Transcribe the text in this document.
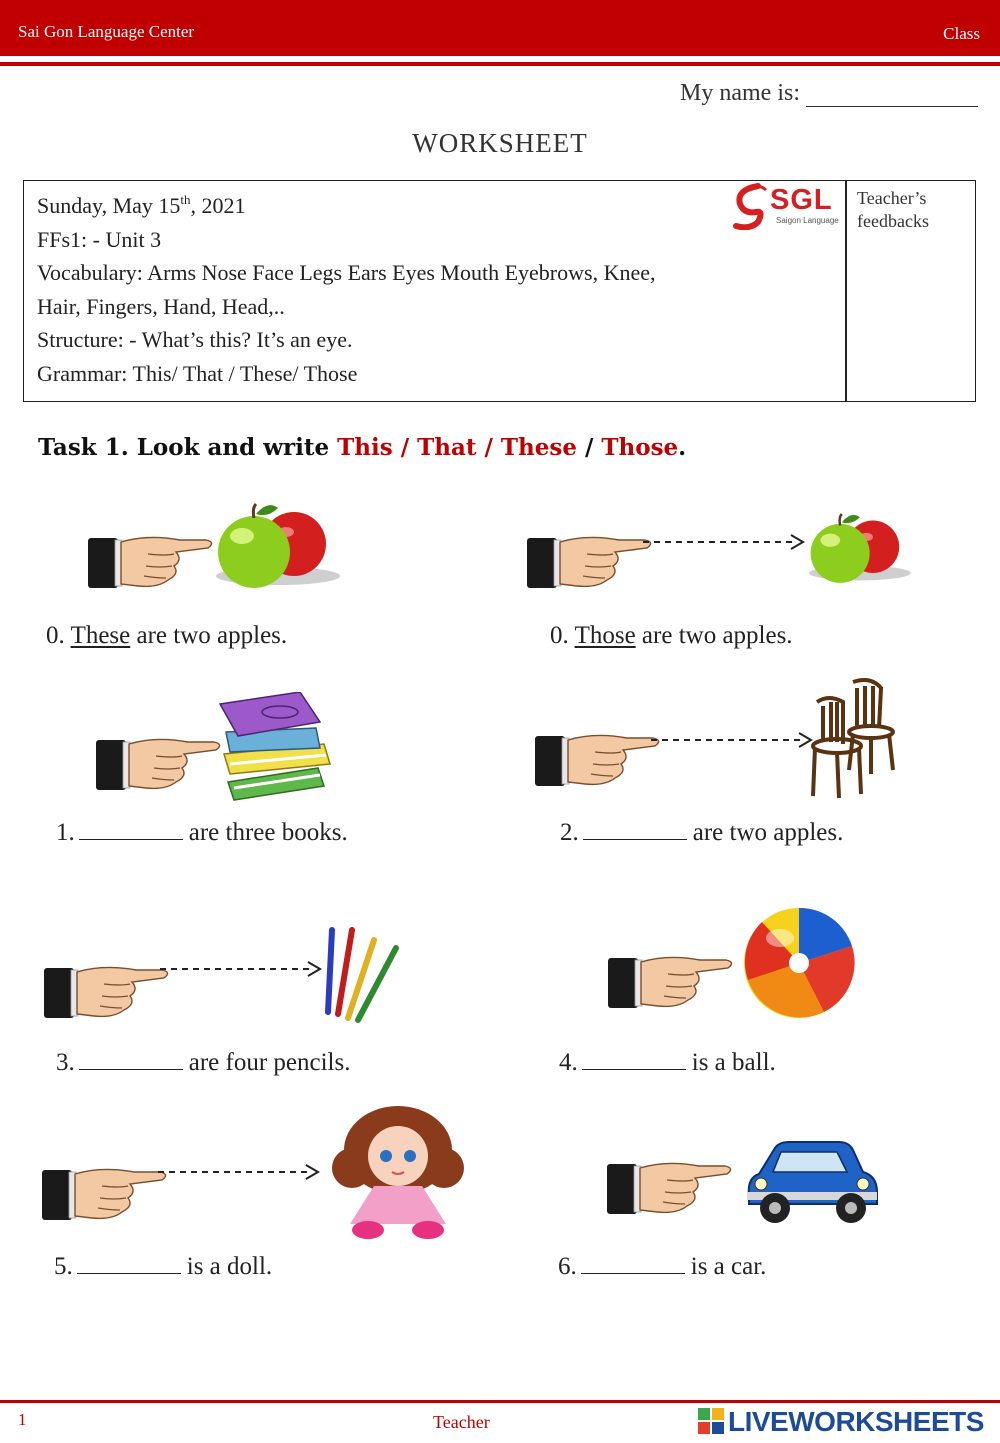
Sai Gon Language Center	Class
My name is:
WORKSHEET
Sunday, May 15th, 2021
FFs1: - Unit 3
Vocabulary: Arms Nose Face Legs Ears Eyes Mouth Eyebrows, Knee,
Hair, Fingers, Hand, Head,..
Structure: - What’s this? It’s an eye.
Grammar: This/ That / These/ Those
Teacher’s
feedbacks
SGL
Saigon Language
Task 1. Look and write This / That / These / Those.
0. These are two apples.	0. Those are two apples.
1.	are three books.	2.	are two apples.
3.	are four pencils.	4.	is a ball.
5.	is a doll.	6.	is a car.
1	Teacher	LIVEWORKSHEETS
